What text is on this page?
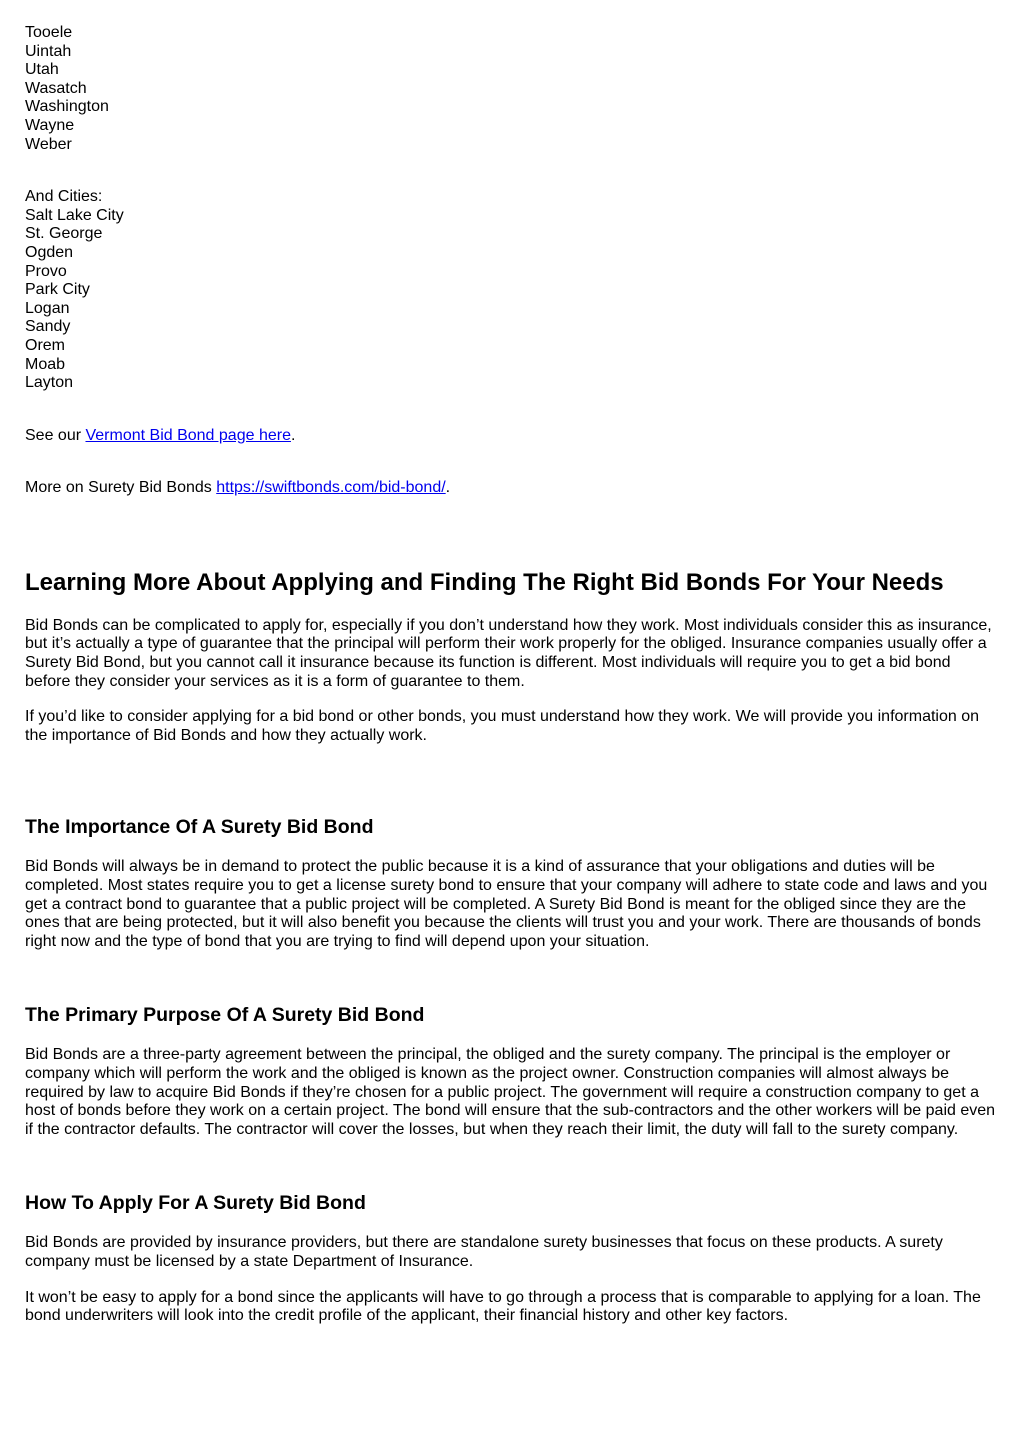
Tooele
Uintah
Utah
Wasatch
Washington
Wayne
Weber
And Cities:
Salt Lake City
St. George
Ogden
Provo
Park City
Logan
Sandy
Orem
Moab
Layton

See our Vermont Bid Bond page here.

More on Surety Bid Bonds https://swiftbonds.com/bid-bond/.

Learning More About Applying and Finding The Right Bid Bonds For Your Needs

Bid Bonds can be complicated to apply for, especially if you don’t understand how they work. Most individuals consider this as insurance, but it’s actually a type of guarantee that the principal will perform their work properly for the obliged. Insurance companies usually offer a Surety Bid Bond, but you cannot call it insurance because its function is different. Most individuals will require you to get a bid bond before they consider your services as it is a form of guarantee to them.

If you’d like to consider applying for a bid bond or other bonds, you must understand how they work. We will provide you information on the importance of Bid Bonds and how they actually work.

The Importance Of A Surety Bid Bond

Bid Bonds will always be in demand to protect the public because it is a kind of assurance that your obligations and duties will be completed. Most states require you to get a license surety bond to ensure that your company will adhere to state code and laws and you get a contract bond to guarantee that a public project will be completed. A Surety Bid Bond is meant for the obliged since they are the ones that are being protected, but it will also benefit you because the clients will trust you and your work. There are thousands of bonds right now and the type of bond that you are trying to find will depend upon your situation.

The Primary Purpose Of A Surety Bid Bond

Bid Bonds are a three-party agreement between the principal, the obliged and the surety company. The principal is the employer or company which will perform the work and the obliged is known as the project owner. Construction companies will almost always be required by law to acquire Bid Bonds if they’re chosen for a public project. The government will require a construction company to get a host of bonds before they work on a certain project. The bond will ensure that the sub-contractors and the other workers will be paid even if the contractor defaults. The contractor will cover the losses, but when they reach their limit, the duty will fall to the surety company.

How To Apply For A Surety Bid Bond

Bid Bonds are provided by insurance providers, but there are standalone surety businesses that focus on these products. A surety company must be licensed by a state Department of Insurance.

It won’t be easy to apply for a bond since the applicants will have to go through a process that is comparable to applying for a loan. The bond underwriters will look into the credit profile of the applicant, their financial history and other key factors.
